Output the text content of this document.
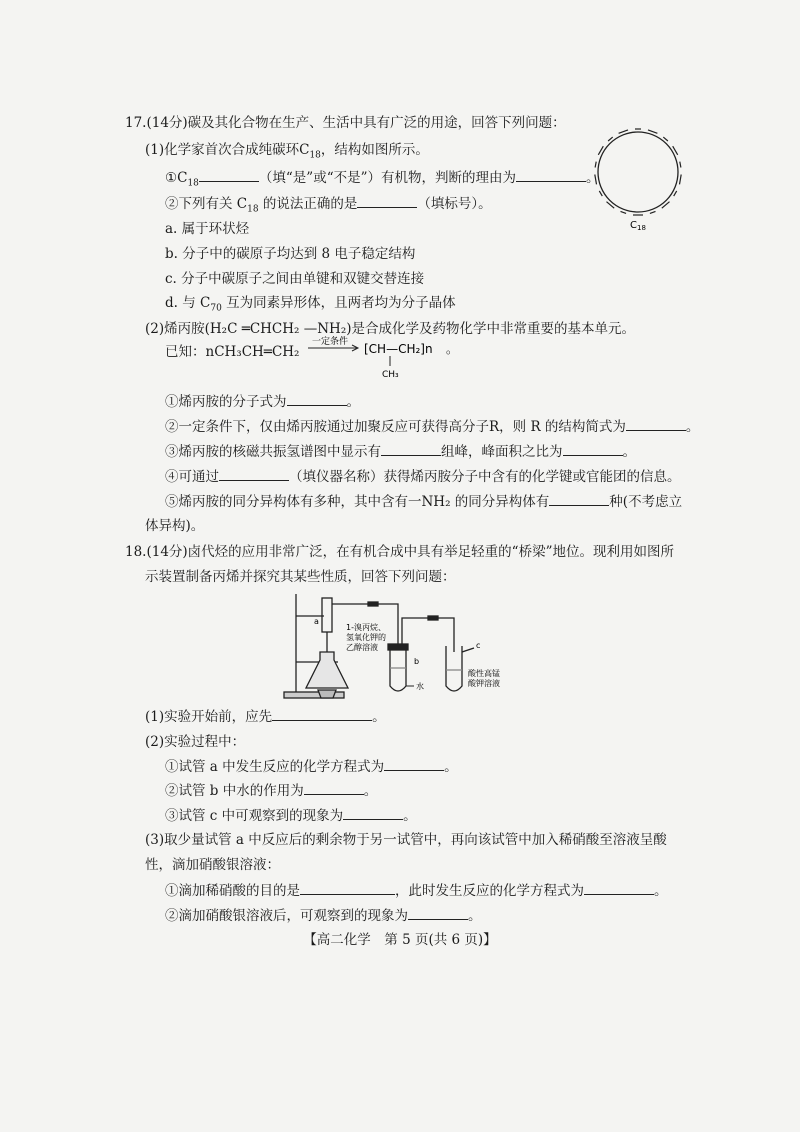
17.(14分)碳及其化合物在生产、生活中具有广泛的用途，回答下列问题：
(1)化学家首次合成纯碳环$C_{18}$，结构如图所示。
$①C_{18}$	（填“是”或“不是”）有机物，判断的理由为	。
②下列有关 $C_{18}$ 的说法正确的是	（填标号）。
a. 属于环状烃
b. 分子中的碳原子均达到 8 电子稳定结构
c. 分子中碳原子之间由单键和双键交替连接
d. 与 $C_{70}$ 互为同素异形体，且两者均为分子晶体
$C_{18}$
(2)烯丙胺(H₂C ═CHCH₂ —NH₂)是合成化学及药物化学中非常重要的基本单元。
已知：nCH₃CH═CH₂
一定条件 [CH—CH₂]n
CH₃
。
①烯丙胺的分子式为	。
②一定条件下，仅由烯丙胺通过加聚反应可获得高分子R，则 R 的结构简式为	。
③烯丙胺的核磁共振氢谱图中显示有	组峰，峰面积之比为	。
④可通过	（填仪器名称）获得烯丙胺分子中含有的化学键或官能团的信息。
⑤烯丙胺的同分异构体有多种，其中含有一NH₂ 的同分异构体有	种(不考虑立
体异构)。
18.(14分)卤代烃的应用非常广泛，在有机合成中具有举足轻重的“桥梁”地位。现利用如图所
示装置制备丙烯并探究其某些性质，回答下列问题：
a
b
c
1-溴丙烷、
氢氧化钾的
乙醇溶液
水
酸性高锰
酸钾溶液
(1)实验开始前，应先	。
(2)实验过程中：
①试管 a 中发生反应的化学方程式为	。
②试管 b 中水的作用为	。
③试管 c 中可观察到的现象为	。
(3)取少量试管 a 中反应后的剩余物于另一试管中，再向该试管中加入稀硝酸至溶液呈酸
性，滴加硝酸银溶液：
①滴加稀硝酸的目的是	，此时发生反应的化学方程式为	。
②滴加硝酸银溶液后，可观察到的现象为	。
【高二化学　第 5 页(共 6 页)】
